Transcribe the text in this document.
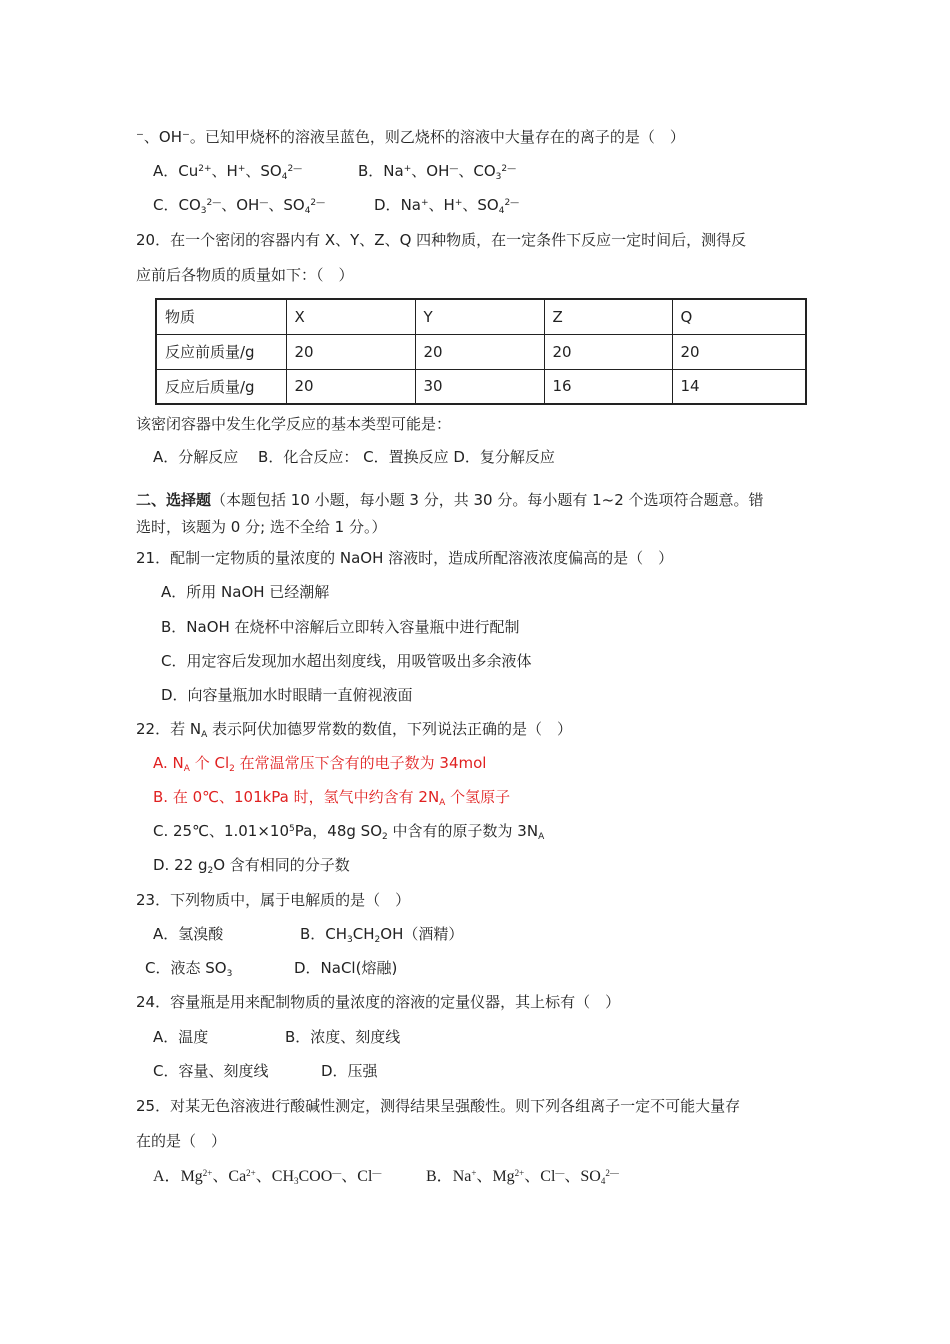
⁻、OH⁻。已知甲烧杯的溶液呈蓝色，则乙烧杯的溶液中大量存在的离子的是（　）
A．$Cu^{2+}$、H+、$SO_4^{2—}$	B．Na+、OH—、$CO_3^{2—}$
C．$CO_3^{2—}$、OH—、$SO_4^{2—}$	D．Na+、H+、$SO_4^{2—}$
20．在一个密闭的容器内有 X、Y、Z、Q 四种物质，在一定条件下反应一定时间后，测得反
应前后各物质的质量如下：（　）
物质	X	Y	Z	Q
反应前质量/g	20	20	20	20
反应后质量/g	20	30	16	14
该密闭容器中发生化学反应的基本类型可能是：
A．分解反应　 B．化合反应： C．置换反应 D．复分解反应
二、选择题（本题包括 10 小题，每小题 3 分，共 30 分。每小题有 1~2 个选项符合题意。错
选时，该题为 0 分; 选不全给 1 分。）
21．配制一定物质的量浓度的 NaOH 溶液时，造成所配溶液浓度偏高的是（　）
A．所用 NaOH 已经潮解
B．NaOH 在烧杯中溶解后立即转入容量瓶中进行配制
C．用定容后发现加水超出刻度线，用吸管吸出多余液体
D．向容量瓶加水时眼睛一直俯视液面
22．若 $N_A$ 表示阿伏加德罗常数的数值，下列说法正确的是（　）
A. $N_A$ 个 $Cl_2$ 在常温常压下含有的电子数为 34mol
B. 在 0℃、101kPa 时，氢气中约含有 $2N_A$ 个氢原子
C. 25℃、$1.01\times 10^5Pa$，48g $SO_2$ 中含有的原子数为 $3N_A$
D. 22 $g_2O$ 含有相同的分子数
23．下列物质中，属于电解质的是（　）
A．氢溴酸	B．$CH_3CH_2OH$（酒精）
C．液态 $SO_3$	D．NaCl(熔融)
24．容量瓶是用来配制物质的量浓度的溶液的定量仪器，其上标有（　）
A．温度	B．浓度、刻度线
C．容量、刻度线	D．压强
25．对某无色溶液进行酸碱性测定，测得结果呈强酸性。则下列各组离子一定不可能大量存
在的是（　）
A．$Mg^{2+}$、$Ca^{2+}$、$CH_3COO^—$、Cl—	B．Na+、$Mg^{2+}$、Cl—、$SO_4^{2—}$
